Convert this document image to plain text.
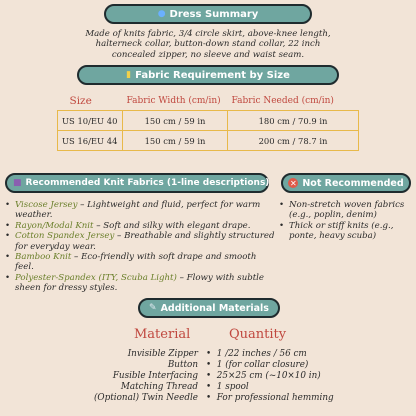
● Dress Summary
Made of knits fabric, 3/4 circle skirt, above-knee length,
halterneck collar, button-down stand collar, 22 inch
concealed zipper, no sleeve and waist seam.
▮ Fabric Requirement by Size
Size	Fabric Width (cm/in)	Fabric Needed (cm/in)
US 10/EU 40	150 cm / 59 in	180 cm / 70.9 in
US 16/EU 44	150 cm / 59 in	200 cm / 78.7 in
■ Recommended Knit Fabrics (1-line descriptions)
• Viscose Jersey – Lightweight and fluid, perfect for warm weather.
• Rayon/Modal Knit – Soft and silky with elegant drape.
• Cotton Spandex Jersey – Breathable and slightly structured for everyday wear.
• Bamboo Knit – Eco-friendly with soft drape and smooth feel.
• Polyester-Spandex (ITY, Scuba Light) – Flowy with subtle sheen for dressy styles.
✕ Not Recommended
• Non-stretch woven fabrics (e.g., poplin, denim)
• Thick or stiff knits (e.g., ponte, heavy scuba)
✎ Additional Materials
Material	Quantity
Invisible Zipper •  1 /22 inches / 56 cm
Button •  1 (for collar closure)
Fusible Interfacing •  25×25 cm (~10×10 in)
Matching Thread •  1 spool
(Optional) Twin Needle •  For professional hemming
